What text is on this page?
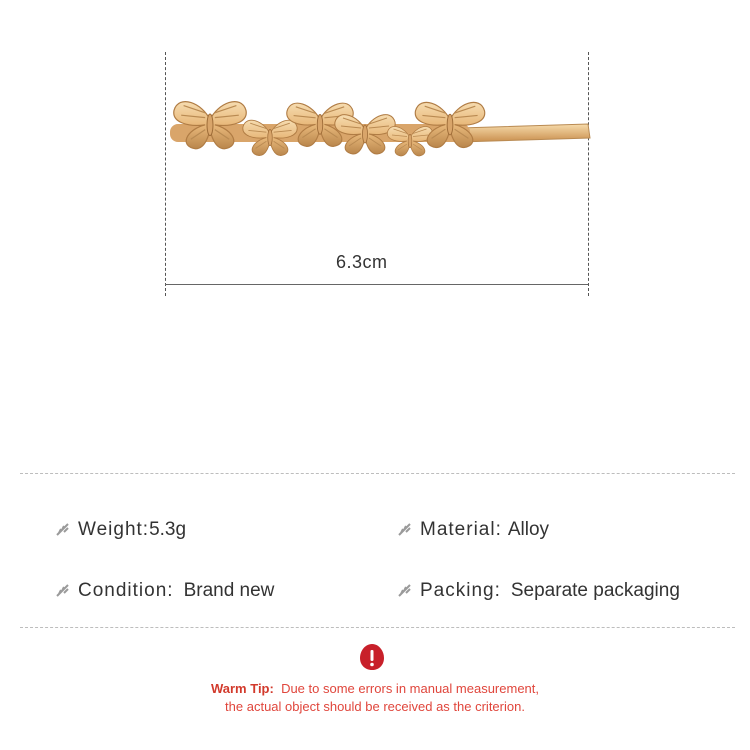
6.3cm
Weight: 5.3g	Material: Alloy
Condition: Brand new	Packing: Separate packaging
Warm Tip: Due to some errors in manual measurement,
the actual object should be received as the criterion.
